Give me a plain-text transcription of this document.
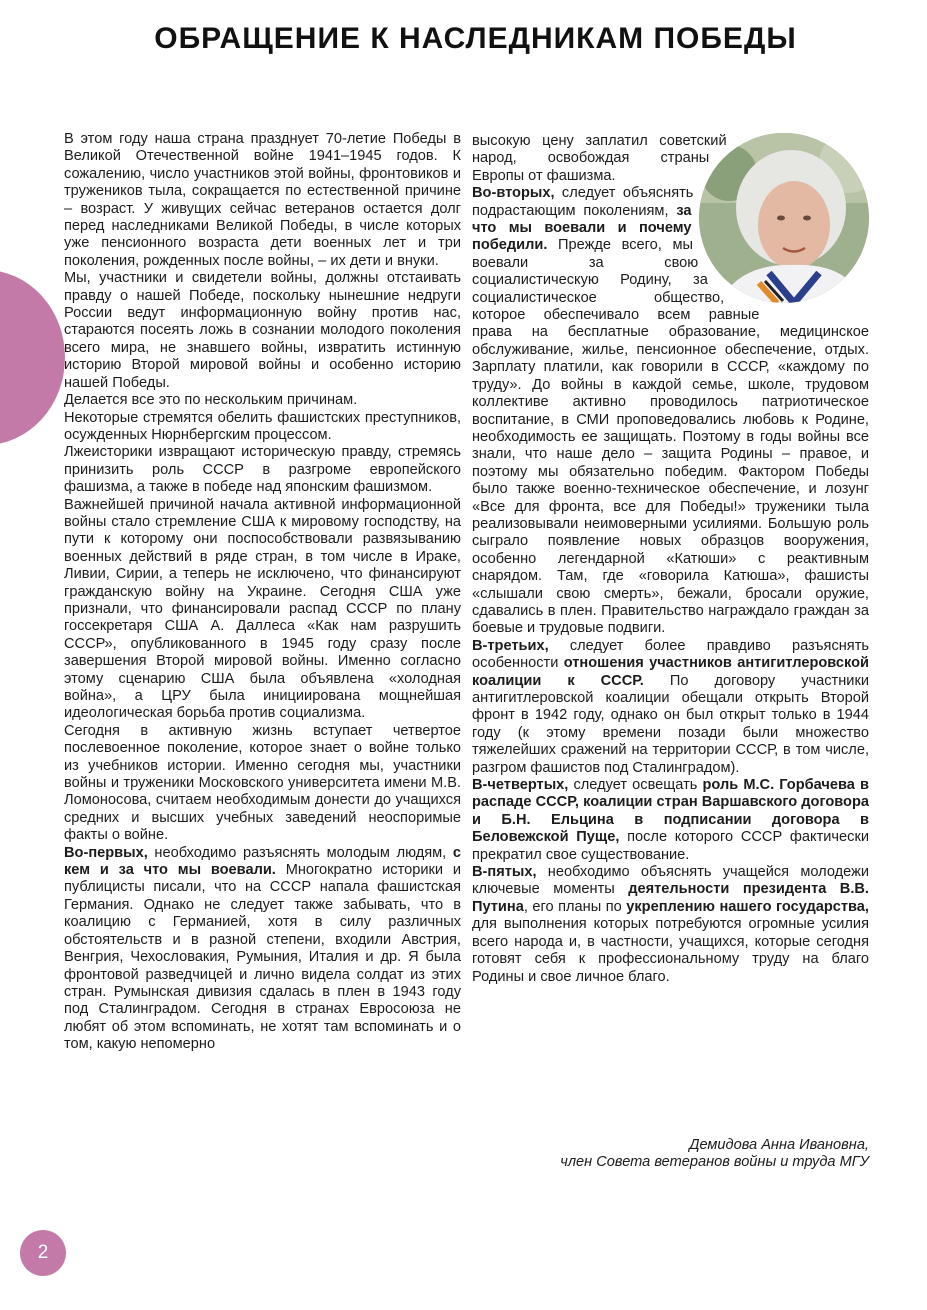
ОБРАЩЕНИЕ К НАСЛЕДНИКАМ ПОБЕДЫ

В этом году наша страна празднует 70-летие Победы в Великой Отечественной войне 1941–1945 годов. К сожалению, число участников этой войны, фронтовиков и тружеников тыла, сокращается по естественной причине – возраст. У живущих сейчас ветеранов остается долг перед наследниками Великой Победы, в числе которых уже пенсионного возраста дети военных лет и три поколения, рожденных после войны, – их дети и внуки.

Мы, участники и свидетели войны, должны отстаивать правду о нашей Победе, поскольку нынешние недруги России ведут информационную войну против нас, стараются посеять ложь в сознании молодого поколения всего мира, не знавшего войны, извратить истинную историю Второй мировой войны и особенно историю нашей Победы.

Делается все это по нескольким причинам.

Некоторые стремятся обелить фашистских преступников, осужденных Нюрнбергским процессом.

Лжеисторики извращают историческую правду, стремясь принизить роль СССР в разгроме европейского фашизма, а также в победе над японским фашизмом.

Важнейшей причиной начала активной информационной войны стало стремление США к мировому господству, на пути к которому они поспособствовали развязыванию военных действий в ряде стран, в том числе в Ираке, Ливии, Сирии, а теперь не исключено, что финансируют гражданскую войну на Украине. Сегодня США уже признали, что финансировали распад СССР по плану госсекретаря США А. Даллеса «Как нам разрушить СССР», опубликованного в 1945 году сразу после завершения Второй мировой войны. Именно согласно этому сценарию США была объявлена «холодная война», а ЦРУ была инициирована мощнейшая идеологическая борьба против социализма.

Сегодня в активную жизнь вступает четвертое послевоенное поколение, которое знает о войне только из учебников истории. Именно сегодня мы, участники войны и труженики Московского университета имени М.В. Ломоносова, считаем необходимым донести до учащихся средних и высших учебных заведений неоспоримые факты о войне.

Во-первых, необходимо разъяснять молодым людям, с кем и за что мы воевали. Многократно историки и публицисты писали, что на СССР напала фашистская Германия. Однако не следует также забывать, что в коалицию с Германией, хотя в силу различных обстоятельств и в разной степени, входили Австрия, Венгрия, Чехословакия, Румыния, Италия и др. Я была фронтовой разведчицей и лично видела солдат из этих стран. Румынская дивизия сдалась в плен в 1943 году под Сталинградом. Сегодня в странах Евросоюза не любят об этом вспоминать, не хотят там вспоминать и о том, какую непомерно

высокую цену заплатил советский народ, освобождая страны Европы от фашизма.

Во-вторых, следует объяснять подрастающим поколениям, за что мы воевали и почему победили. Прежде всего, мы воевали за свою социалистическую Родину, за социалистическое общество, которое обеспечивало всем равные права на бесплатные образование, медицинское обслуживание, жилье, пенсионное обеспечение, отдых. Зарплату платили, как говорили в СССР, «каждому по труду». До войны в каждой семье, школе, трудовом коллективе активно проводилось патриотическое воспитание, в СМИ проповедовались любовь к Родине, необходимость ее защищать. Поэтому в годы войны все знали, что наше дело – защита Родины – правое, и поэтому мы обязательно победим. Фактором Победы было также военно-техническое обеспечение, и лозунг «Все для фронта, все для Победы!» труженики тыла реализовывали неимоверными усилиями. Большую роль сыграло появление новых образцов вооружения, особенно легендарной «Катюши» с реактивным снарядом. Там, где «говорила Катюша», фашисты «слышали свою смерть», бежали, бросали оружие, сдавались в плен. Правительство награждало граждан за боевые и трудовые подвиги.

В-третьих, следует более правдиво разъяснять особенности отношения участников антигитлеровской коалиции к СССР. По договору участники антигитлеровской коалиции обещали открыть Второй фронт в 1942 году, однако он был открыт только в 1944 году (к этому времени позади были множество тяжелейших сражений на территории СССР, в том числе, разгром фашистов под Сталинградом).

В-четвертых, следует освещать роль М.С. Горбачева в распаде СССР, коалиции стран Варшавского договора и Б.Н. Ельцина в подписании договора в Беловежской Пуще, после которого СССР фактически прекратил свое существование.

В-пятых, необходимо объяснять учащейся молодежи ключевые моменты деятельности президента В.В. Путина, его планы по укреплению нашего государства, для выполнения которых потребуются огромные усилия всего народа и, в частности, учащихся, которые сегодня готовят себя к профессиональному труду на благо Родины и свое личное благо.

Демидова Анна Ивановна,
член Совета ветеранов войны и труда МГУ
2
